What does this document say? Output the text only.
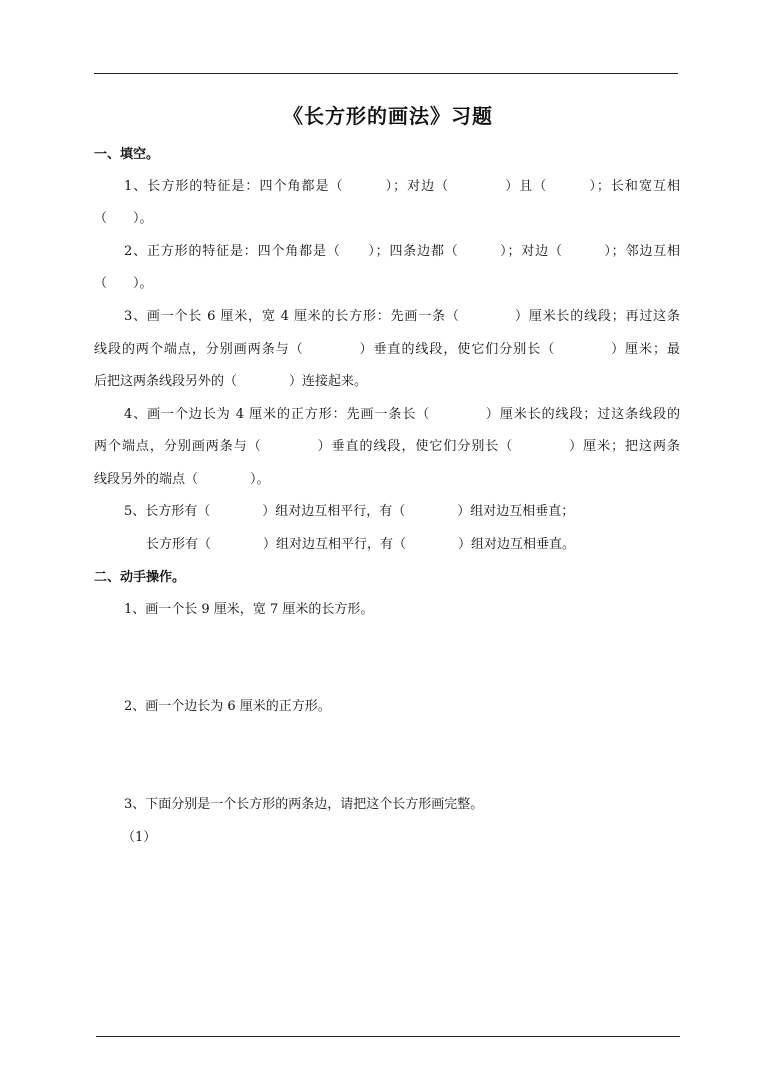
《长方形的画法》习题
一、填空。
1、长方形的特征是：四个角都是（　　　）；对边（　　　　）且（　　　）；长和宽互相
（　　）。
2、正方形的特征是：四个角都是（　　）；四条边都（　　　）；对边（　　　）；邻边互相
（　　）。
3、画一个长 6 厘米，宽 4 厘米的长方形：先画一条（　　　　）厘米长的线段；再过这条
线段的两个端点，分别画两条与（　　　　）垂直的线段，使它们分别长（　　　　）厘米；最
后把这两条线段另外的（　　　　）连接起来。
4、画一个边长为 4 厘米的正方形：先画一条长（　　　　）厘米长的线段；过这条线段的
两个端点，分别画两条与（　　　　）垂直的线段，使它们分别长（　　　　）厘米；把这两条
线段另外的端点（　　　　）。
5、长方形有（　　　　）组对边互相平行，有（　　　　）组对边互相垂直；
长方形有（　　　　）组对边互相平行，有（　　　　）组对边互相垂直。
二、动手操作。
1、画一个长 9 厘米，宽 7 厘米的长方形。
2、画一个边长为 6 厘米的正方形。
3、下面分别是一个长方形的两条边，请把这个长方形画完整。
（1）
